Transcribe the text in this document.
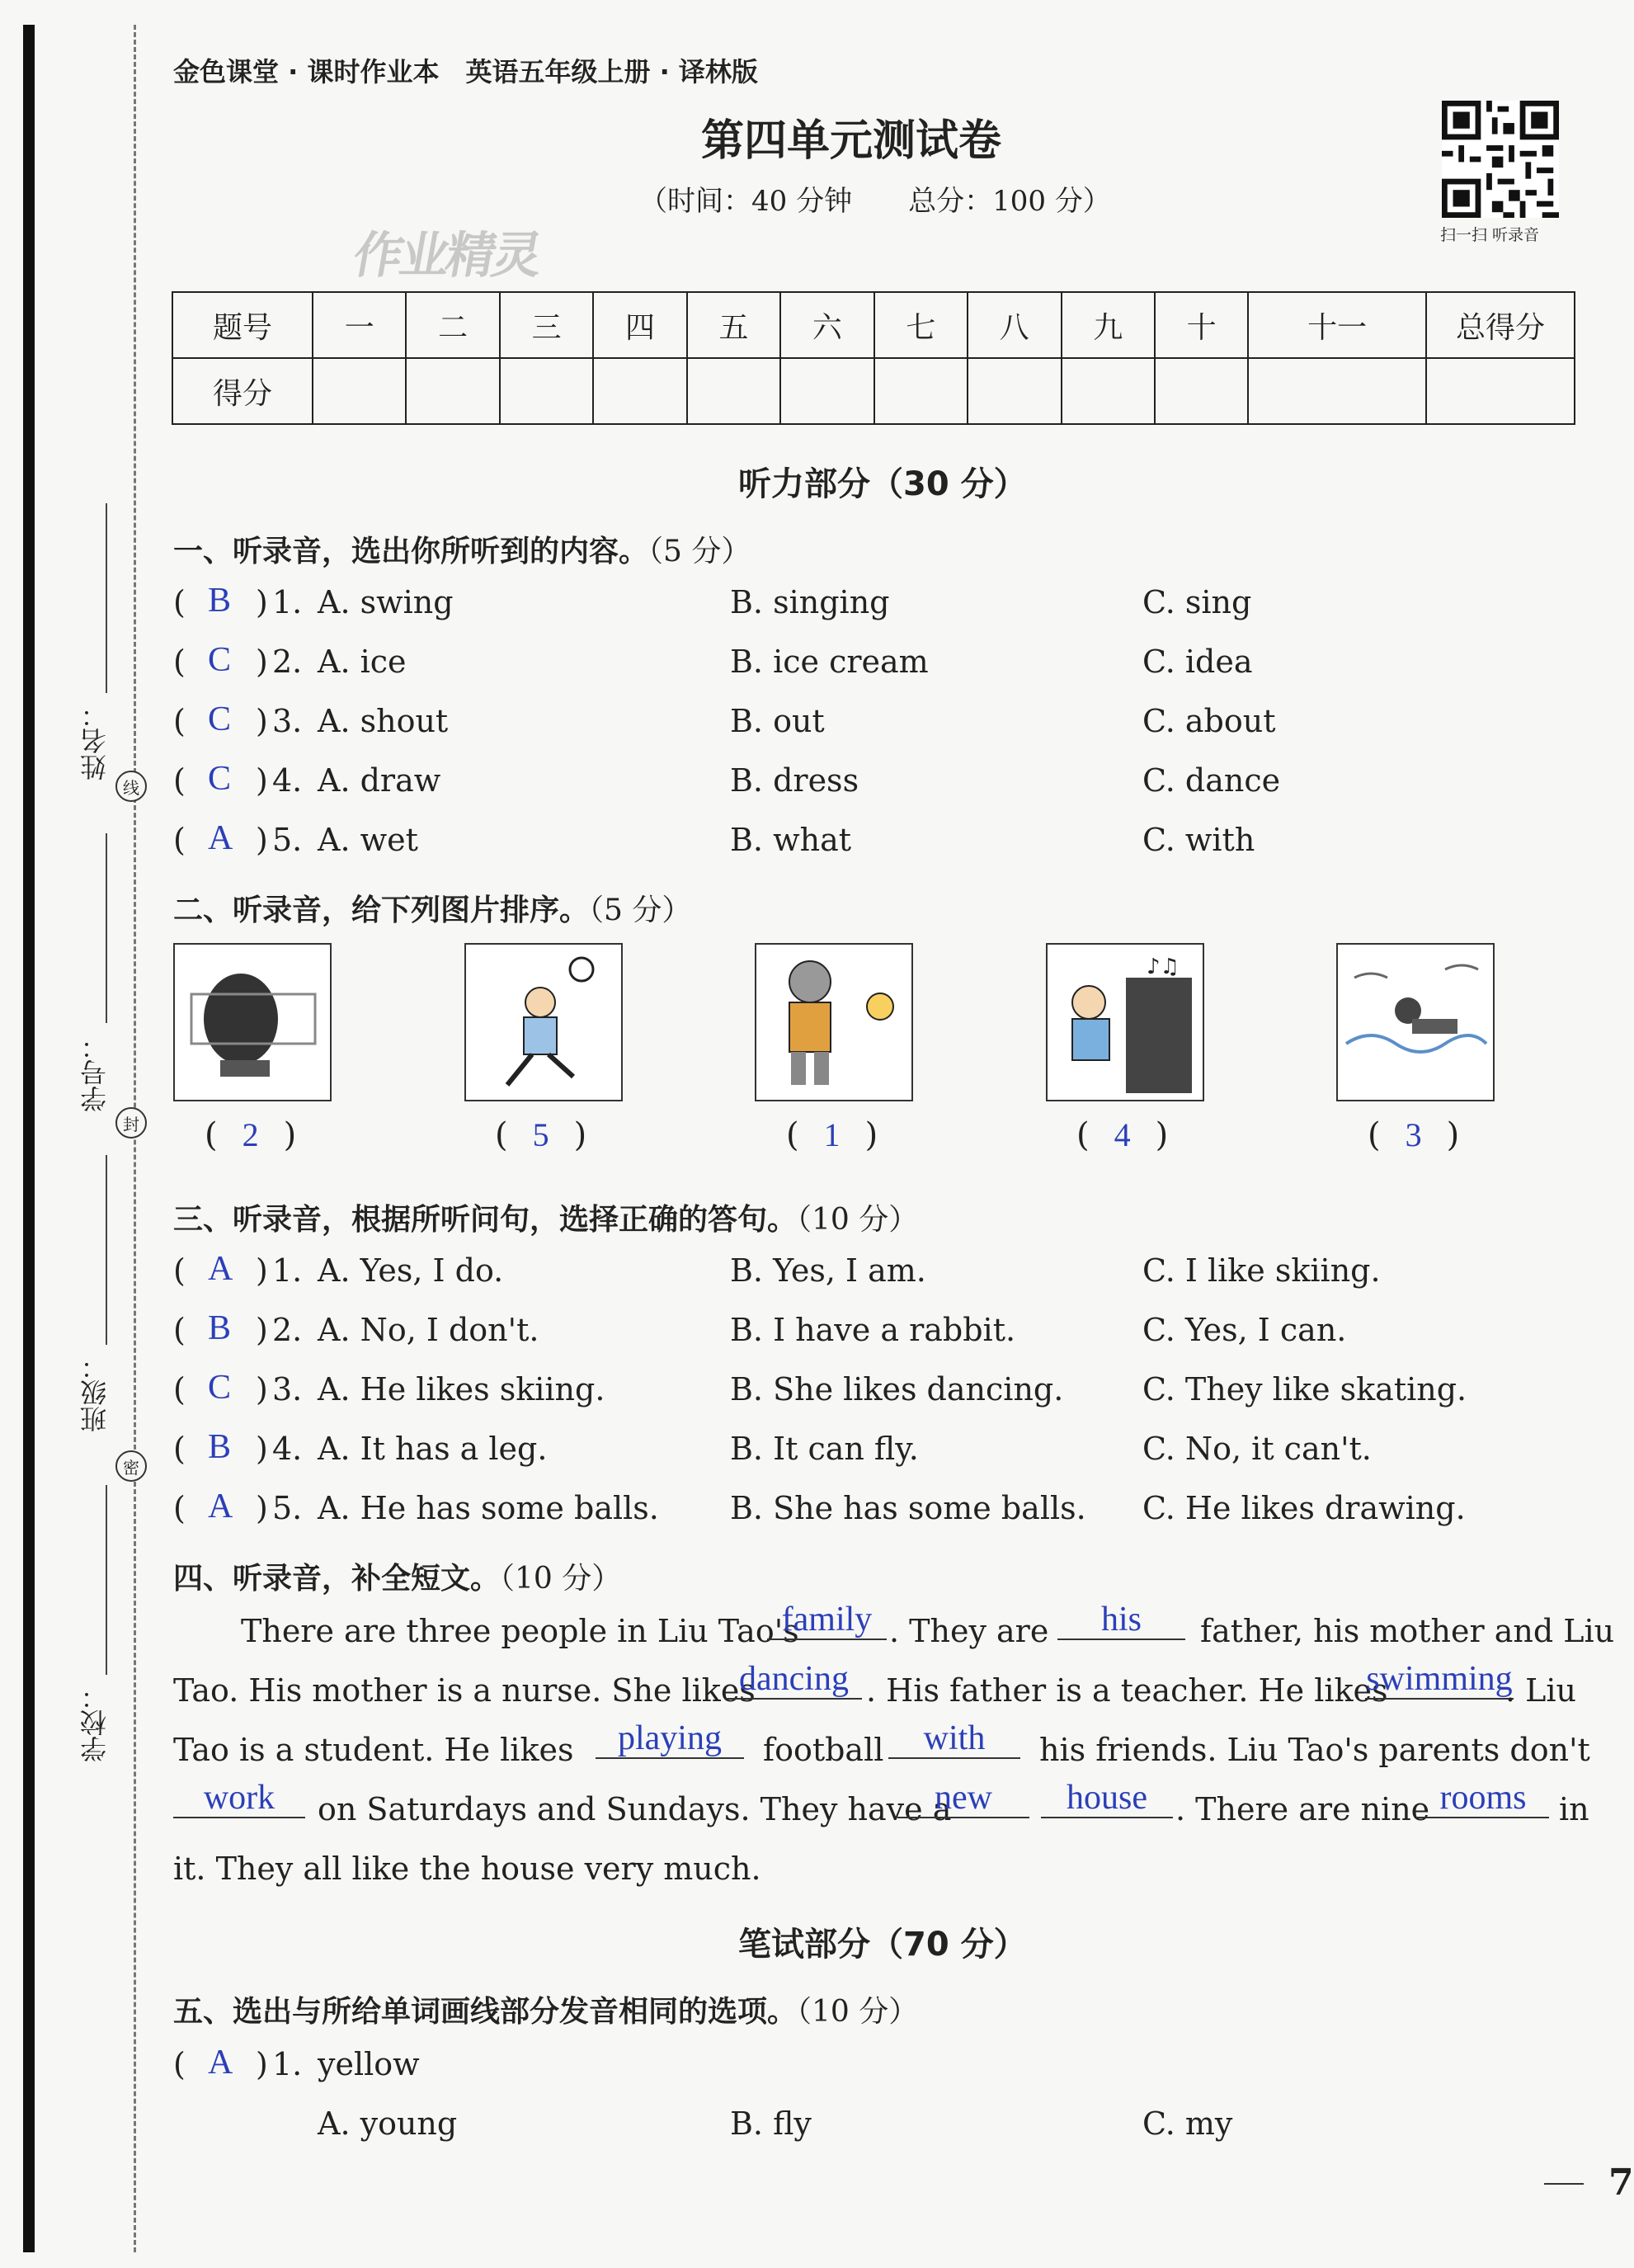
姓名：
线
学号：
封
班级：
密
学校：
金色课堂 · 课时作业本　英语五年级上册 · 译林版
第四单元测试卷
（时间：40 分钟　　总分：100 分）
作业精灵	扫一扫 听录音
题号	一	二	三	四	五	六	七	八	九	十	十一	总得分
得分												
听力部分（30 分）
一、听录音，选出你所听到的内容。（5 分）
( B ) 1. A. swing	B. singing	C. sing
( C ) 2. A. ice	B. ice cream	C. idea
( C ) 3. A. shout	B. out	C. about
( C ) 4. A. draw	B. dress	C. dance
( A ) 5. A. wet	B. what	C. with
二、听录音，给下列图片排序。（5 分）
♪♫
( 2 )	( 5 )	( 1 )	( 4 )	( 3 )
三、听录音，根据所听问句，选择正确的答句。（10 分）
( A ) 1. A. Yes, I do.	B. Yes, I am.	C. I like skiing.
( B ) 2. A. No, I don't.	B. I have a rabbit.	C. Yes, I can.
( C ) 3. A. He likes skiing.	B. She likes dancing.	C. They like skating.
( B ) 4. A. It has a leg.	B. It can fly.	C. No, it can't.
( A ) 5. A. He has some balls. B. She has some balls. C. He likes drawing.
四、听录音，补全短文。（10 分）
There are three people in Liu Tao's
family . They are	his	father, his mother and Liu
Tao. His mother is a nurse. She likes
dancing . His father is a teacher. He likes
swimming
. Liu
Tao is a student. He likes	playing	football	with	his friends. Liu Tao's parents don't
work	on Saturdays and Sundays. They have a
new	house . There are nine rooms	in
it. They all like the house very much.
笔试部分（70 分）
五、选出与所给单词画线部分发音相同的选项。（10 分）
( A ) 1. yellow
A. young	B. fly	C. my
7
